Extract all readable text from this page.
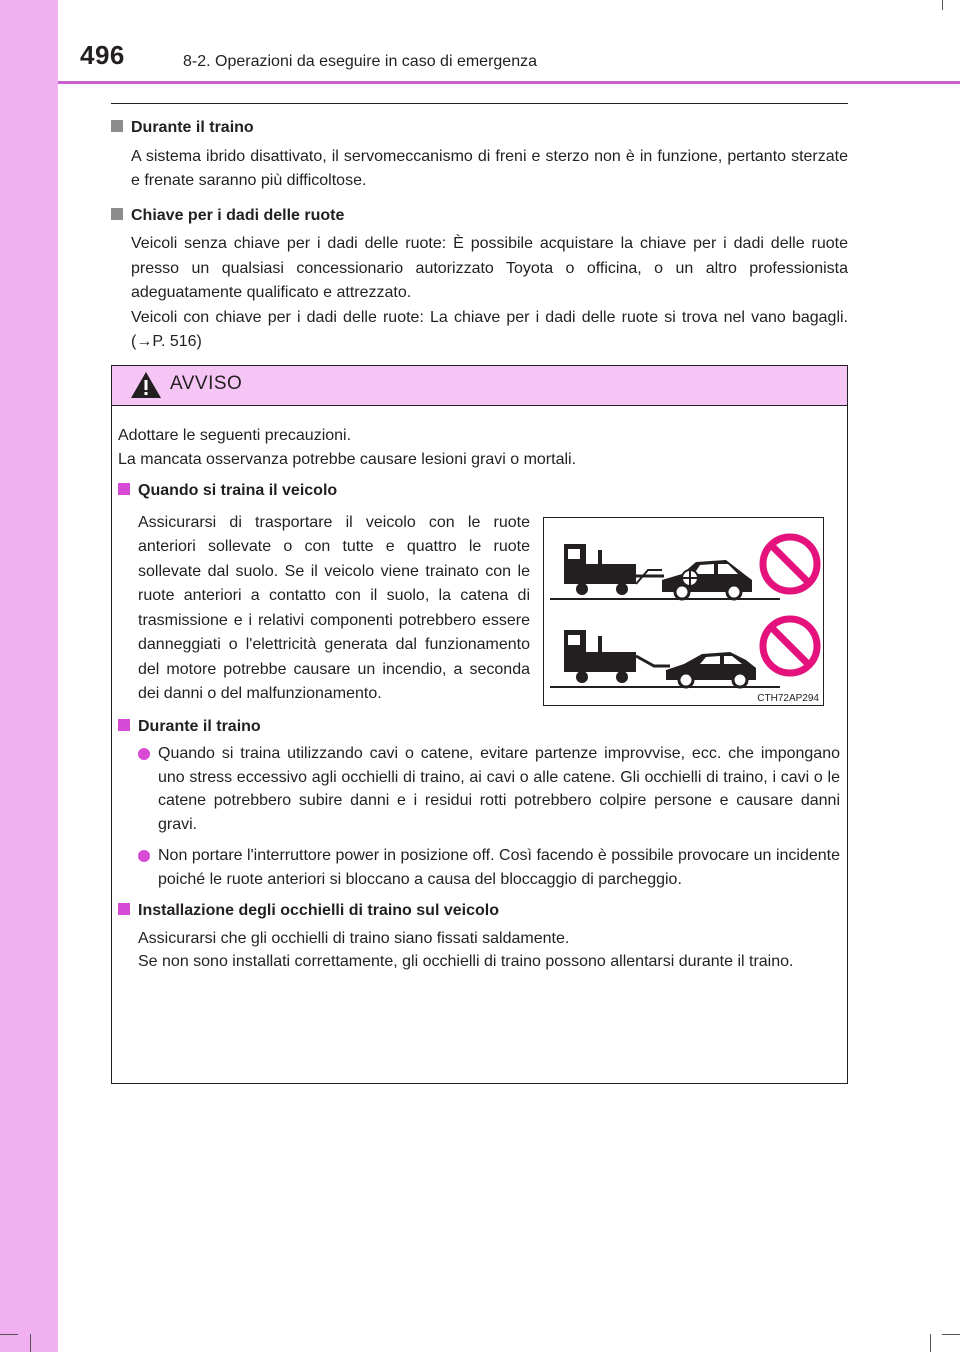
496	8-2. Operazioni da eseguire in caso di emergenza

Durante il traino

A sistema ibrido disattivato, il servomeccanismo di freni e sterzo non è in funzione, pertanto sterzate e frenate saranno più difficoltose.

Chiave per i dadi delle ruote

Veicoli senza chiave per i dadi delle ruote: È possibile acquistare la chiave per i dadi delle ruote presso un qualsiasi concessionario autorizzato Toyota o officina, o un altro professionista adeguatamente qualificato e attrezzato.

Veicoli con chiave per i dadi delle ruote: La chiave per i dadi delle ruote si trova nel vano bagagli. (→P. 516)

AVVISO
Adottare le seguenti precauzioni.
La mancata osservanza potrebbe causare lesioni gravi o mortali.
Quando si traina il veicolo
Assicurarsi di trasportare il veicolo con le ruote anteriori sollevate o con tutte e quattro le ruote sollevate dal suolo. Se il veicolo viene trainato con le ruote anteriori a contatto con il suolo, la catena di trasmissione e i relativi componenti potrebbero essere danneggiati o l'elettricità generata dal funzionamento del motore potrebbe causare un incendio, a seconda dei danni o del malfunzionamento.
Durante il traino
Quando si traina utilizzando cavi o catene, evitare partenze improvvise, ecc. che impongano uno stress eccessivo agli occhielli di traino, ai cavi o alle catene. Gli occhielli di traino, i cavi o le catene potrebbero subire danni e i residui rotti potrebbero colpire persone e causare danni gravi.
Non portare l'interruttore power in posizione off. Così facendo è possibile provocare un incidente poiché le ruote anteriori si bloccano a causa del bloccaggio di parcheggio.
Installazione degli occhielli di traino sul veicolo
Assicurarsi che gli occhielli di traino siano fissati saldamente.
Se non sono installati correttamente, gli occhielli di traino possono allentarsi durante il traino.
CTH72AP294
